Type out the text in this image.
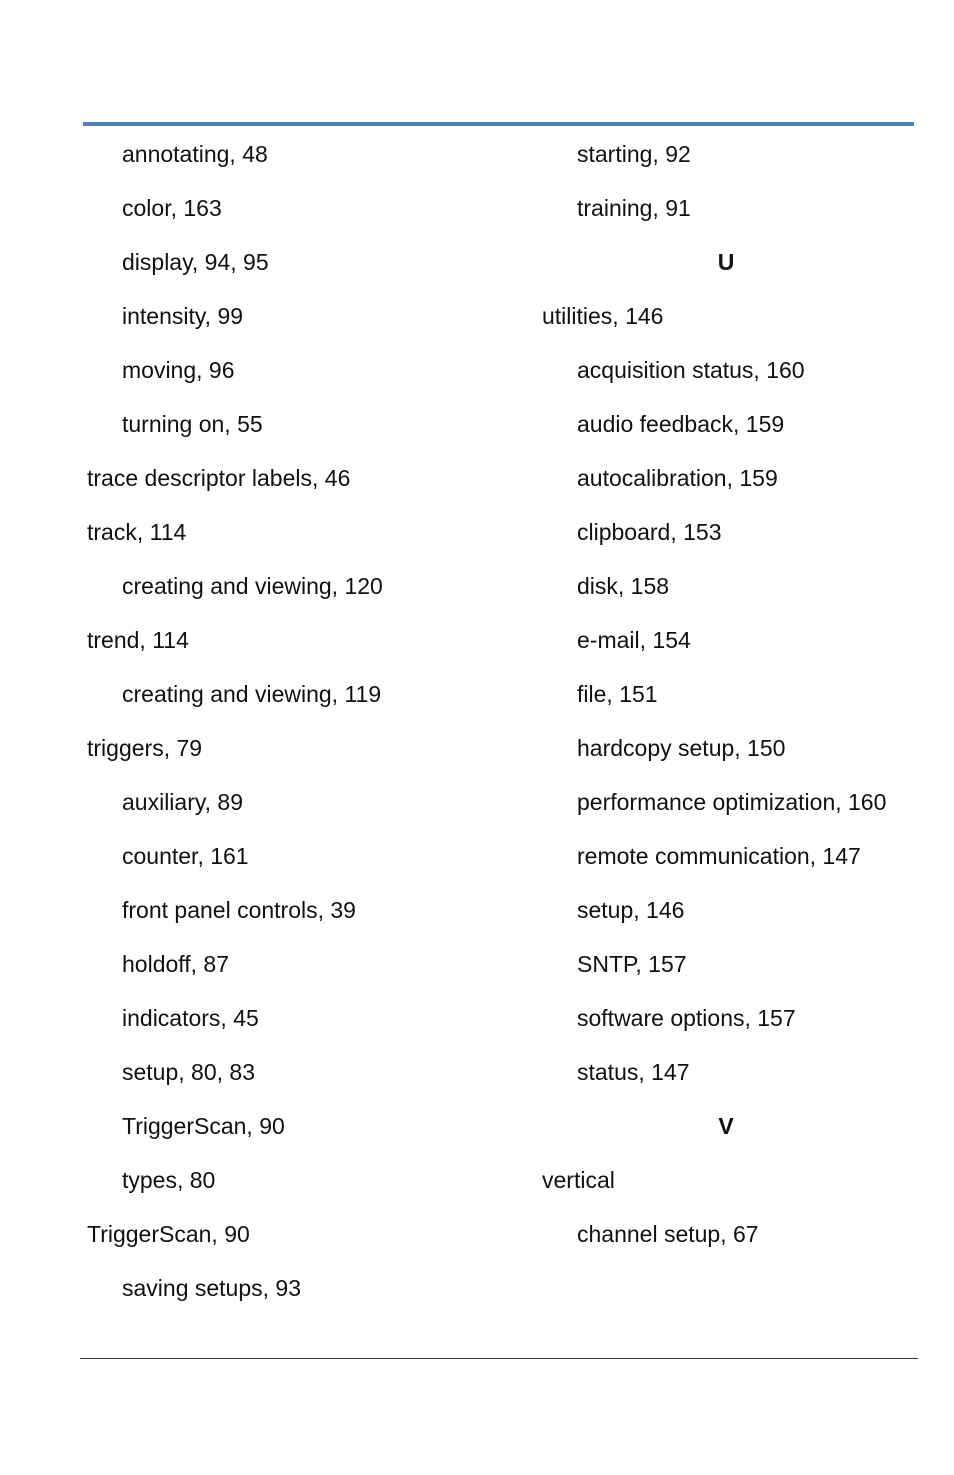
annotating, 48
color, 163
display, 94, 95
intensity, 99
moving, 96
turning on, 55
trace descriptor labels, 46
track, 114
creating and viewing, 120
trend, 114
creating and viewing, 119
triggers, 79
auxiliary, 89
counter, 161
front panel controls, 39
holdoff, 87
indicators, 45
setup, 80, 83
TriggerScan, 90
types, 80
TriggerScan, 90
saving setups, 93
starting, 92
training, 91
U
utilities, 146
acquisition status, 160
audio feedback, 159
autocalibration, 159
clipboard, 153
disk, 158
e-mail, 154
file, 151
hardcopy setup, 150
performance optimization, 160
remote communication, 147
setup, 146
SNTP, 157
software options, 157
status, 147
V
vertical
channel setup, 67
